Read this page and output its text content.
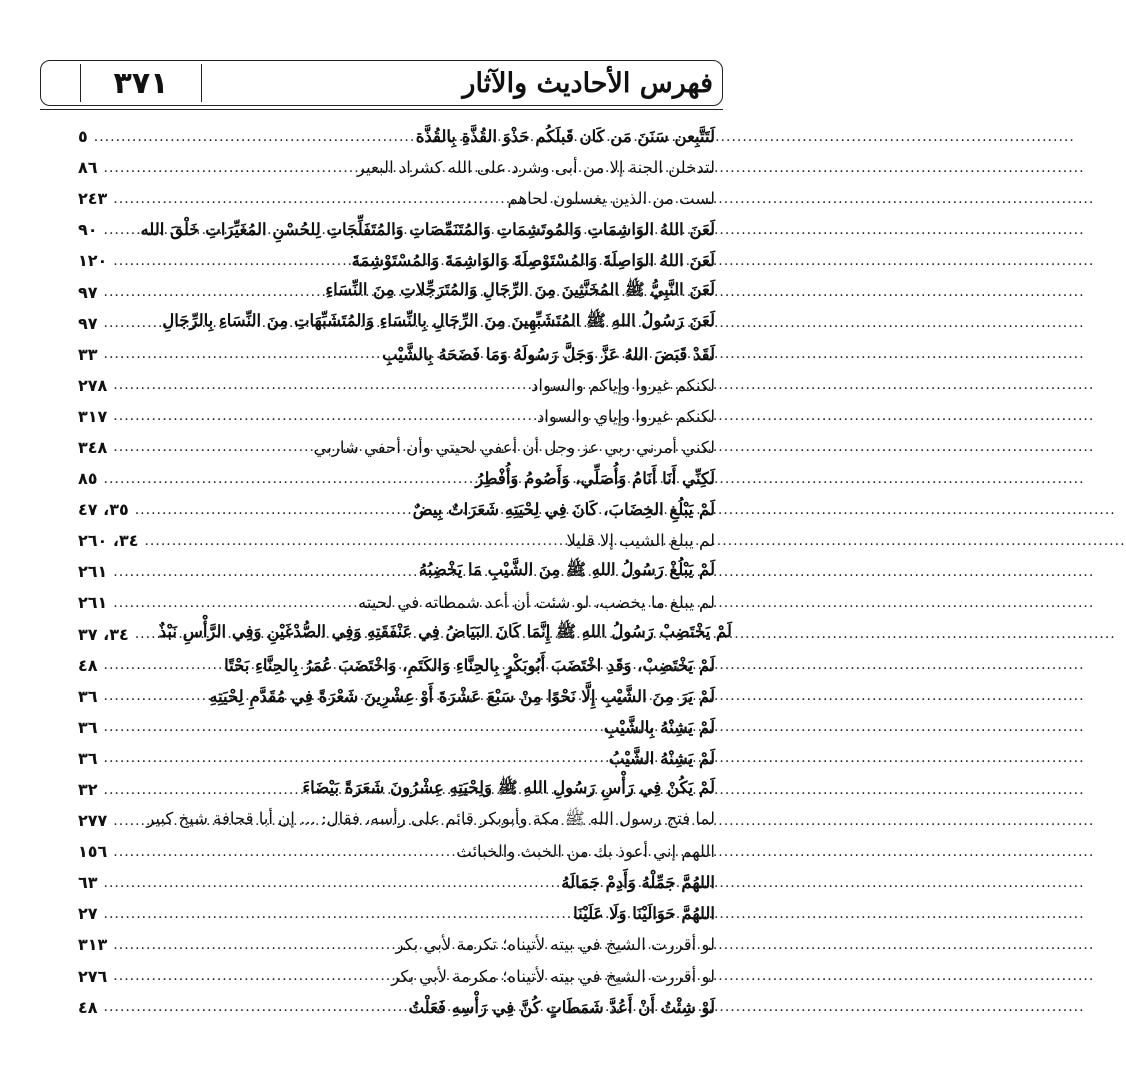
٣٧١	فهرس الأحاديث والآثار
٥ .....	لَتَتَّبِعن سَنَنَ مَن كَان قَبلَكُم حَذْوَ القُذَّةِ بِالقُذَّة
٨٦ .....	لتدخلن الجنة إلا من أبى وشرد على الله كشراد البعير
٢٤٣ .....	لست من الذين يغسلون لحاهم
٩٠ .....	لَعَنَ اللهُ الوَاشِمَاتِ وَالمُوتَشِمَاتِ وَالمُتَنَمِّصَاتِ وَالمُتَفَلِّجَاتِ لِلحُسْنِ المُغَيِّرَاتِ خَلْقَ الله
١٢٠ .....	لَعَنَ اللهُ الوَاصِلَةَ وَالمُسْتَوْصِلَةَ وَالوَاشِمَةَ وَالمُسْتَوْشِمَةَ
٩٧ .....	لَعَنَ النَّبِيُّ ﷺ المُخَنَّثِينَ مِنَ الرِّجَالِ وَالمُتَرَجِّلاتِ مِنَ النِّسَاءِ
٩٧ .....	لَعَنَ رَسُولُ اللهِ ﷺ المُتَشَبِّهِينَ مِنَ الرِّجَالِ بِالنِّسَاءِ وَالمُتَشَبِّهَاتِ مِنَ النِّسَاءِ بِالرِّجَالِ
٣٣ .....	لَقَدْ قَبَضَ اللهُ عَزَّ وَجَلَّ رَسُولَهُ وَمَا فَضَحَهُ بِالشَّيْبِ
٢٧٨ .....	لكنكم غيروا وإياكم والسواد
٣١٧ .....	لكنكم غيروا وإياي والسواد
٣٤٨ .....	لكني أمرني ربي عز وجل أن أعفي لحيتي وأن أحفي شاربي
٨٥ .....	لَكِنِّي أَنَا أَنَامُ وَأُصَلِّي، وَأَصُومُ وَأُفْطِرُ
٣٥، ٤٧ .....	لَمْ يَبْلُغِ الخِضَابَ، كَانَ فِي لِحْيَتِهِ شَعَرَاتٌ بِيضٌ
٣٤، ٢٦٠ .....	لم يبلغ الشيب إلا قليلا
٢٦١ .....	لَمْ يَبْلُغْ رَسُولُ اللهِ ﷺ مِنَ الشَّيْبِ مَا يَخْضِبُهُ
٢٦١ .....	لم يبلغ ما يخضب، لو شئت أن أعد شمطاته في لحيته
٣٤، ٣٧ ..... لَمْ يَخْتَضِبْ رَسُولُ اللهِ ﷺ إِنَّمَا كَانَ البَيَاضُ فِي عَنْفَقَتِهِ وَفِي الصُّدْغَيْنِ وَفِي الرَّأْسِ نَبْذٌ
٤٨ .....	لَمْ يَخْتَضِبْ، وَقَدِ اخْتَضَبَ أَبُوبَكْرٍ بِالحِنَّاءِ وَالكَتَمِ، وَاخْتَضَبَ عُمَرُ بِالحِنَّاءِ بَحْتًا
٣٦ .....	لَمْ يَرَ مِنَ الشَّيْبِ إِلَّا نَحْوًا مِنْ سَبْعَ عَشْرَةَ أَوْ عِشْرِينَ شَعْرَةً فِي مُقَدَّمِ لِحْيَتِهِ
٣٦ .....	لَمْ يَشِنْهُ بِالشَّيْبِ
٣٦ .....	لَمْ يَشِنْهُ الشَّيْبُ
٣٢ .....	لَمْ يَكُنْ فِي رَأْسِ رَسُولِ اللهِ ﷺ وَلِحْيَتِهِ عِشْرُونَ شَعَرَةً بَيْضَاءَ
٢٧٧ ..... لما فتح رسول الله ﷺ مكة وأبوبكر قائم على رأسه، فقال: ... إن أبا قحافة شيخ كبير
١٥٦ .....	اللهم إني أعوذ بك من الخبث والخبائث
٦٣ .....	اللهُمَّ جَمِّلْهُ وَأَدِمْ جَمَالَهُ
٢٧ .....	اللهُمَّ حَوَالَيْنَا وَلَا عَلَيْنَا
٣١٣ .....	لو أقررت الشيخ في بيته لأتيناه؛ تكرمة لأبي بكر
٢٧٦ .....	لو أقررت الشيخ في بيته لأتيناه؛ مكرمة لأبي بكر
٤٨ .....	لَوْ شِئْتُ أَنْ أَعُدَّ شَمَطَاتٍ كُنَّ فِي رَأْسِهِ فَعَلْتُ
